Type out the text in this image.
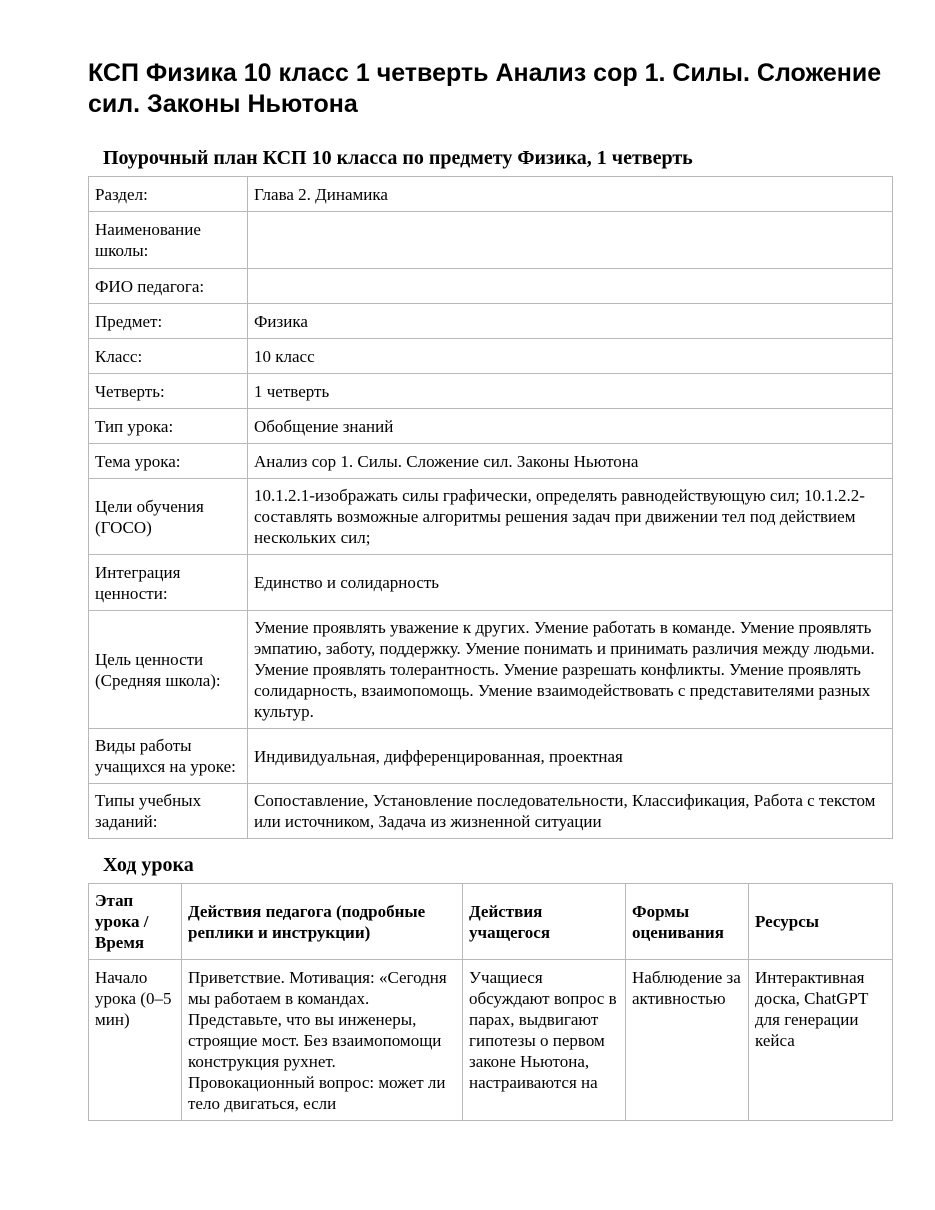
КСП Физика 10 класс 1 четверть Анализ сор 1. Силы. Сложение сил. Законы Ньютона
Поурочный план КСП 10 класса по предмету Физика, 1 четверть
Раздел:	Глава 2. Динамика
Наименование школы:	
ФИО педагога:	
Предмет:	Физика
Класс:	10 класс
Четверть:	1 четверть
Тип урока:	Обобщение знаний
Тема урока:	Анализ сор 1. Силы. Сложение сил. Законы Ньютона
Цели обучения (ГОСО)	10.1.2.1-изображать силы графически, определять равнодействующую сил; 10.1.2.2-составлять возможные алгоритмы решения задач при движении тел под действием нескольких сил;
Интеграция ценности:	Единство и солидарность
Цель ценности (Средняя школа):	Умение проявлять уважение к других. Умение работать в команде. Умение проявлять эмпатию, заботу, поддержку. Умение понимать и принимать различия между людьми. Умение проявлять толерантность. Умение разрешать конфликты. Умение проявлять солидарность, взаимопомощь. Умение взаимодействовать с представителями разных культур.
Виды работы учащихся на уроке:	Индивидуальная, дифференцированная, проектная
Типы учебных заданий:	Сопоставление, Установление последовательности, Классификация, Работа с текстом или источником, Задача из жизненной ситуации
Ход урока
Этап урока / Время	Действия педагога (подробные реплики и инструкции)	Действия учащегося	Формы оценивания	Ресурсы
Начало урока (0–5 мин)	Приветствие. Мотивация: «Сегодня мы работаем в командах. Представьте, что вы инженеры, строящие мост. Без взаимопомощи конструкция рухнет. Провокационный вопрос: может ли тело двигаться, если	Учащиеся обсуждают вопрос в парах, выдвигают гипотезы о первом законе Ньютона, настраиваются на	Наблюдение за активностью	Интерактивная доска, ChatGPT для генерации кейса
